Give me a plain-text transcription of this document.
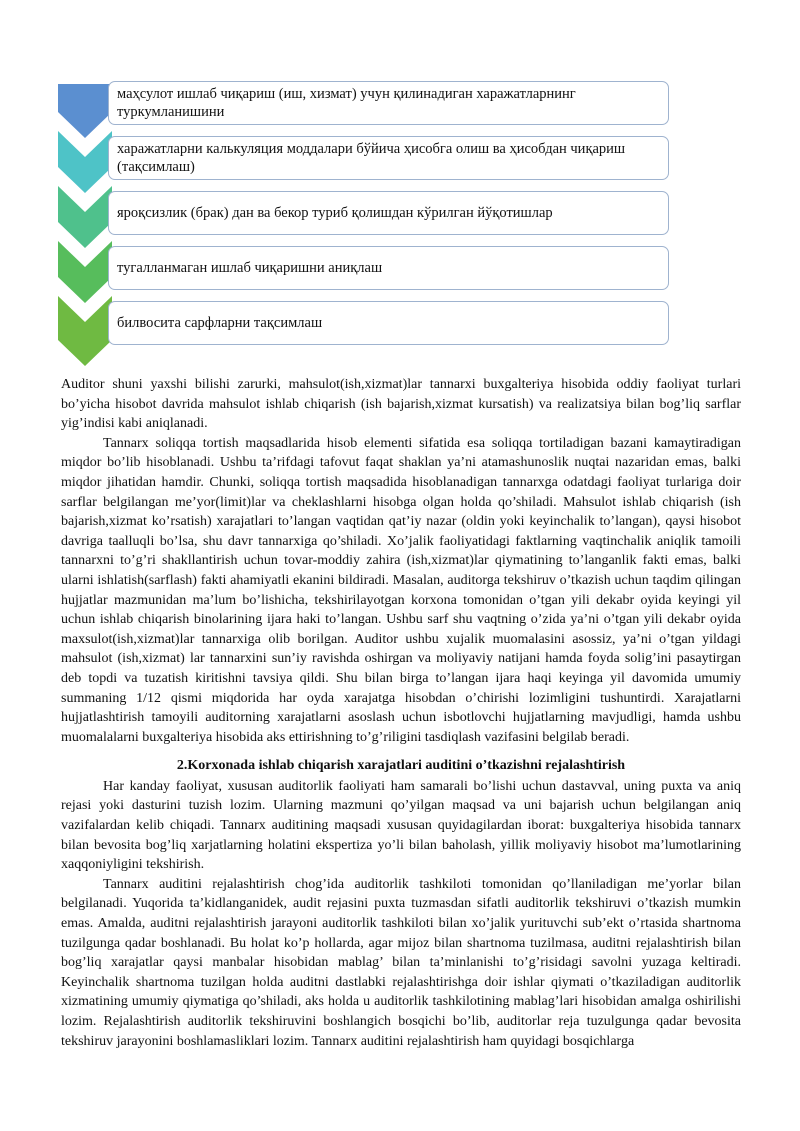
маҳсулот ишлаб чиқариш (иш, хизмат) учун қилинадиган харажатларнинг туркумланишини
харажатларни калькуляция моддалари бўйича ҳисобга олиш ва ҳисобдан чиқариш (тақсимлаш)
яроқсизлик (брак) дан ва бекор туриб қолишдан кўрилган йўқотишлар
тугалланмаган ишлаб чиқаришни аниқлаш
билвосита сарфларни тақсимлаш

Auditor shuni yaxshi bilishi zarurki, mahsulot(ish,xizmat)lar tannarxi buxgalteriya hisobida oddiy faoliyat turlari bo’yicha hisobot davrida mahsulot ishlab chiqarish (ish bajarish,xizmat kursatish) va realizatsiya bilan bog’liq sarflar yig’indisi kabi aniqlanadi.

Tannarx soliqqa tortish maqsadlarida hisob elementi sifatida esa soliqqa tortiladigan bazani kamaytiradigan miqdor bo’lib hisoblanadi. Ushbu ta’rifdagi tafovut faqat shaklan ya’ni atamashunoslik nuqtai nazaridan emas, balki miqdor jihatidan hamdir. Chunki, soliqqa tortish maqsadida hisoblanadigan tannarxga odatdagi faoliyat turlariga doir sarflar belgilangan me’yor(limit)lar va cheklashlarni hisobga olgan holda qo’shiladi. Mahsulot ishlab chiqarish (ish bajarish,xizmat ko’rsatish) xarajatlari to’langan vaqtidan qat’iy nazar (oldin yoki keyinchalik to’langan), qaysi hisobot davriga taalluqli bo’lsa, shu davr tannarxiga qo’shiladi. Xo’jalik faoliyatidagi faktlarning vaqtinchalik aniqlik tamoili tannarxni to’g’ri shakllantirish uchun tovar-moddiy zahira (ish,xizmat)lar qiymatining to’langanlik fakti emas, balki ularni ishlatish(sarflash) fakti ahamiyatli ekanini bildiradi. Masalan, auditorga tekshiruv o’tkazish uchun taqdim qilingan hujjatlar mazmunidan ma’lum bo’lishicha, tekshirilayotgan korxona tomonidan o’tgan yili dekabr oyida keyingi yil uchun ishlab chiqarish binolarining ijara haki to’langan. Ushbu sarf shu vaqtning o’zida ya’ni o’tgan yili dekabr oyida maxsulot(ish,xizmat)lar tannarxiga olib borilgan. Auditor ushbu xujalik muomalasini asossiz, ya’ni o’tgan yildagi mahsulot (ish,xizmat) lar tannarxini sun’iy ravishda oshirgan va moliyaviy natijani hamda foyda solig’ini pasaytirgan deb topdi va tuzatish kiritishni tavsiya qildi. Shu bilan birga to’langan ijara haqi keyinga yil davomida umumiy summaning 1/12 qismi miqdorida har oyda xarajatga hisobdan o’chirishi lozimligini tushuntirdi. Xarajatlarni hujjatlashtirish tamoyili auditorning xarajatlarni asoslash uchun isbotlovchi hujjatlarning mavjudligi, hamda ushbu muomalalarni buxgalteriya hisobida aks ettirishning to’g’riligini tasdiqlash vazifasini belgilab beradi.

2.Korxonada ishlab chiqarish xarajatlari auditini o’tkazishni rejalashtirish

Har kanday faoliyat, xususan auditorlik faoliyati ham samarali bo’lishi uchun dastavval, uning puxta va aniq rejasi yoki dasturini tuzish lozim. Ularning mazmuni qo’yilgan maqsad va uni bajarish uchun belgilangan aniq vazifalardan kelib chiqadi. Tannarx auditining maqsadi xususan quyidagilardan iborat: buxgalteriya hisobida tannarx bilan bevosita bog’liq xarjatlarning holatini ekspertiza yo’li bilan baholash, yillik moliyaviy hisobot ma’lumotlarining xaqqoniyligini tekshirish.

Tannarx auditini rejalashtirish chog’ida auditorlik tashkiloti tomonidan qo’llaniladigan me’yorlar bilan belgilanadi. Yuqorida ta’kidlanganidek, audit rejasini puxta tuzmasdan sifatli auditorlik tekshiruvi o’tkazish mumkin emas. Amalda, auditni rejalashtirish jarayoni auditorlik tashkiloti bilan xo’jalik yurituvchi sub’ekt o’rtasida shartnoma tuzilgunga qadar boshlanadi. Bu holat ko’p hollarda, agar mijoz bilan shartnoma tuzilmasa, auditni rejalashtirish bilan bog’liq xarajatlar qaysi manbalar hisobidan mablag’ bilan ta’minlanishi to’g’risidagi savolni yuzaga keltiradi. Keyinchalik shartnoma tuzilgan holda auditni dastlabki rejalashtirishga doir ishlar qiymati o’tkaziladigan auditorlik xizmatining umumiy qiymatiga qo’shiladi, aks holda u auditorlik tashkilotining mablag’lari hisobidan amalga oshirilishi lozim. Rejalashtirish auditorlik tekshiruvini boshlangich bosqichi bo’lib, auditorlar reja tuzulgunga qadar bevosita tekshiruv jarayonini boshlamasliklari lozim. Tannarx auditini rejalashtirish ham quyidagi bosqichlarga
